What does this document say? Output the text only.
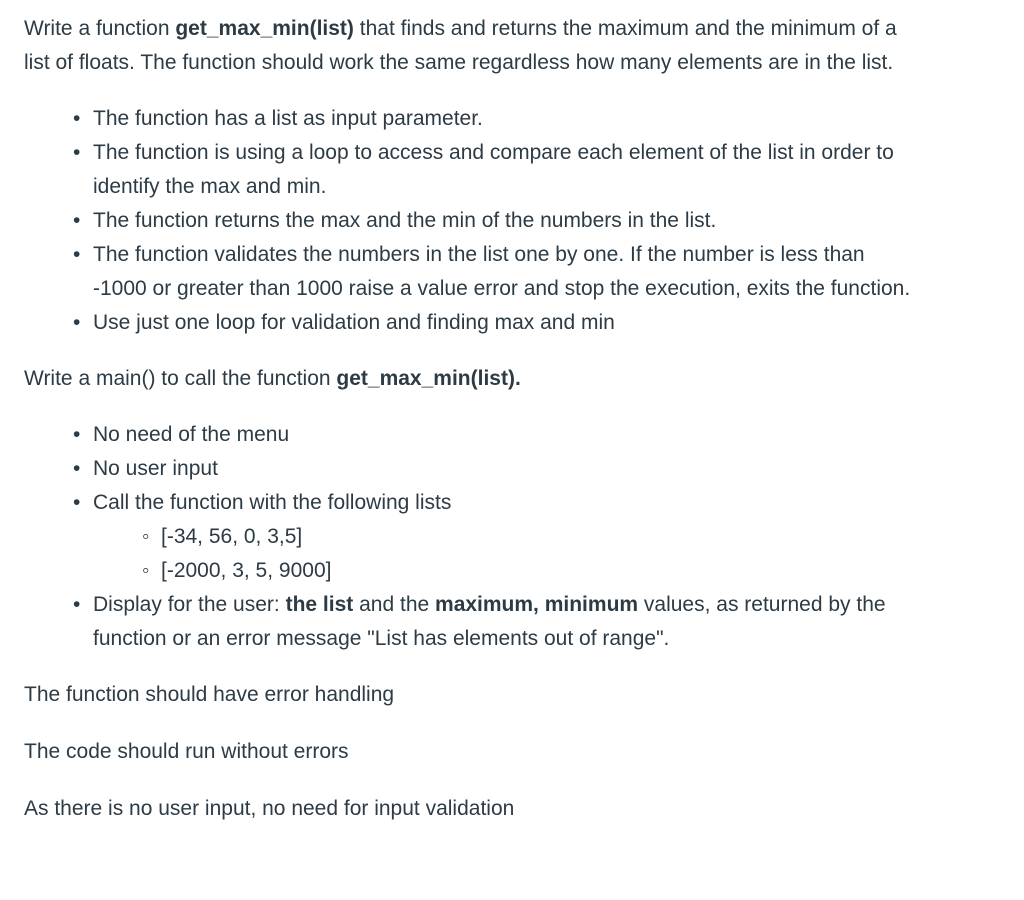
Write a function get_max_min(list) that finds and returns the maximum and the minimum of a list of floats. The function should work the same regardless how many elements are in the list.

• The function has a list as input parameter.
• The function is using a loop to access and compare each element of the list in order to identify the max and min.
• The function returns the max and the min of the numbers in the list.
• The function validates the numbers in the list one by one. If the number is less than -1000 or greater than 1000 raise a value error and stop the execution, exits the function.
• Use just one loop for validation and finding max and min

Write a main() to call the function get_max_min(list).

• No need of the menu
• No user input
• Call the function with the following lists
◦ [-34, 56, 0, 3,5]
◦ [-2000, 3, 5, 9000]
• Display for the user: the list and the maximum, minimum values, as returned by the function or an error message "List has elements out of range".

The function should have error handling

The code should run without errors

As there is no user input, no need for input validation
